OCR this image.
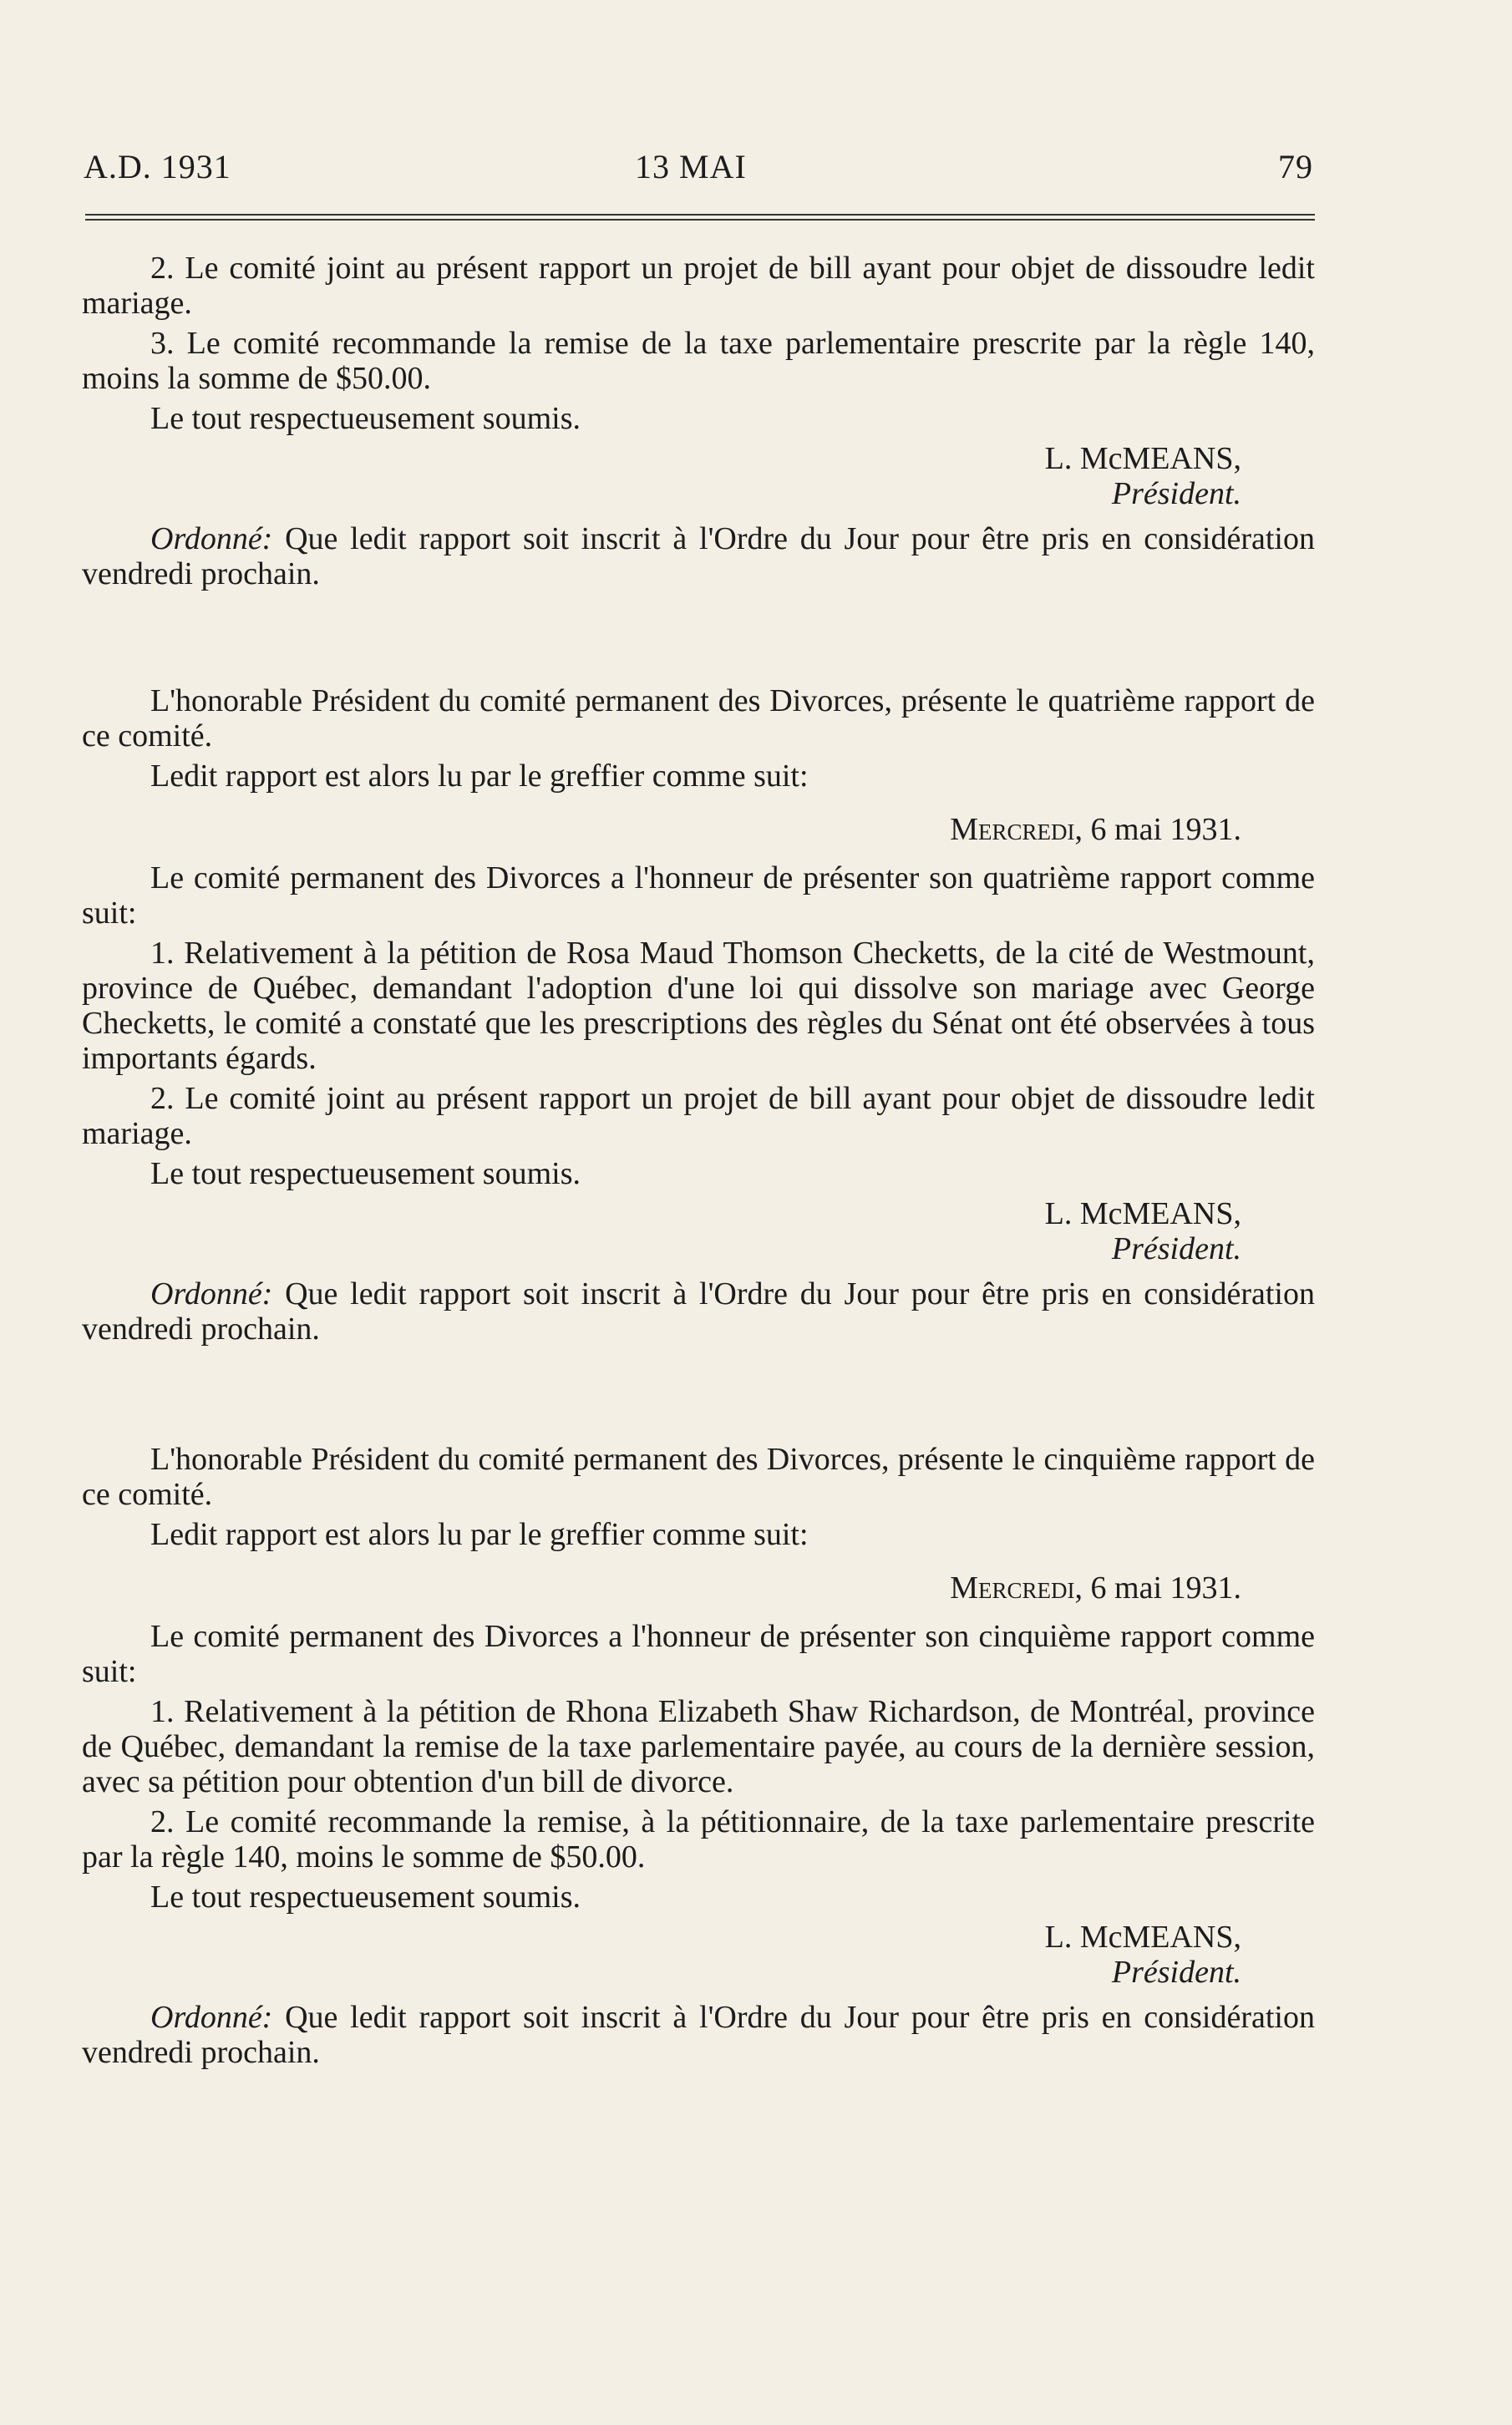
A.D. 1931	13 MAI	79

2. Le comité joint au présent rapport un projet de bill ayant pour objet de dissoudre ledit mariage.

3. Le comité recommande la remise de la taxe parlementaire prescrite par la règle 140, moins la somme de $50.00.

Le tout respectueusement soumis.

L. McMEANS,
Président.

Ordonné: Que ledit rapport soit inscrit à l'Ordre du Jour pour être pris en considération vendredi prochain.

L'honorable Président du comité permanent des Divorces, présente le quatrième rapport de ce comité.

Ledit rapport est alors lu par le greffier comme suit:

Mercredi, 6 mai 1931.

Le comité permanent des Divorces a l'honneur de présenter son quatrième rapport comme suit:

1. Relativement à la pétition de Rosa Maud Thomson Checketts, de la cité de Westmount, province de Québec, demandant l'adoption d'une loi qui dissolve son mariage avec George Checketts, le comité a constaté que les prescriptions des règles du Sénat ont été observées à tous importants égards.

2. Le comité joint au présent rapport un projet de bill ayant pour objet de dissoudre ledit mariage.

Le tout respectueusement soumis.

L. McMEANS,
Président.

Ordonné: Que ledit rapport soit inscrit à l'Ordre du Jour pour être pris en considération vendredi prochain.

L'honorable Président du comité permanent des Divorces, présente le cinquième rapport de ce comité.

Ledit rapport est alors lu par le greffier comme suit:

Mercredi, 6 mai 1931.

Le comité permanent des Divorces a l'honneur de présenter son cinquième rapport comme suit:

1. Relativement à la pétition de Rhona Elizabeth Shaw Richardson, de Montréal, province de Québec, demandant la remise de la taxe parlementaire payée, au cours de la dernière session, avec sa pétition pour obtention d'un bill de divorce.

2. Le comité recommande la remise, à la pétitionnaire, de la taxe parlementaire prescrite par la règle 140, moins le somme de $50.00.

Le tout respectueusement soumis.

L. McMEANS,
Président.

Ordonné: Que ledit rapport soit inscrit à l'Ordre du Jour pour être pris en considération vendredi prochain.
